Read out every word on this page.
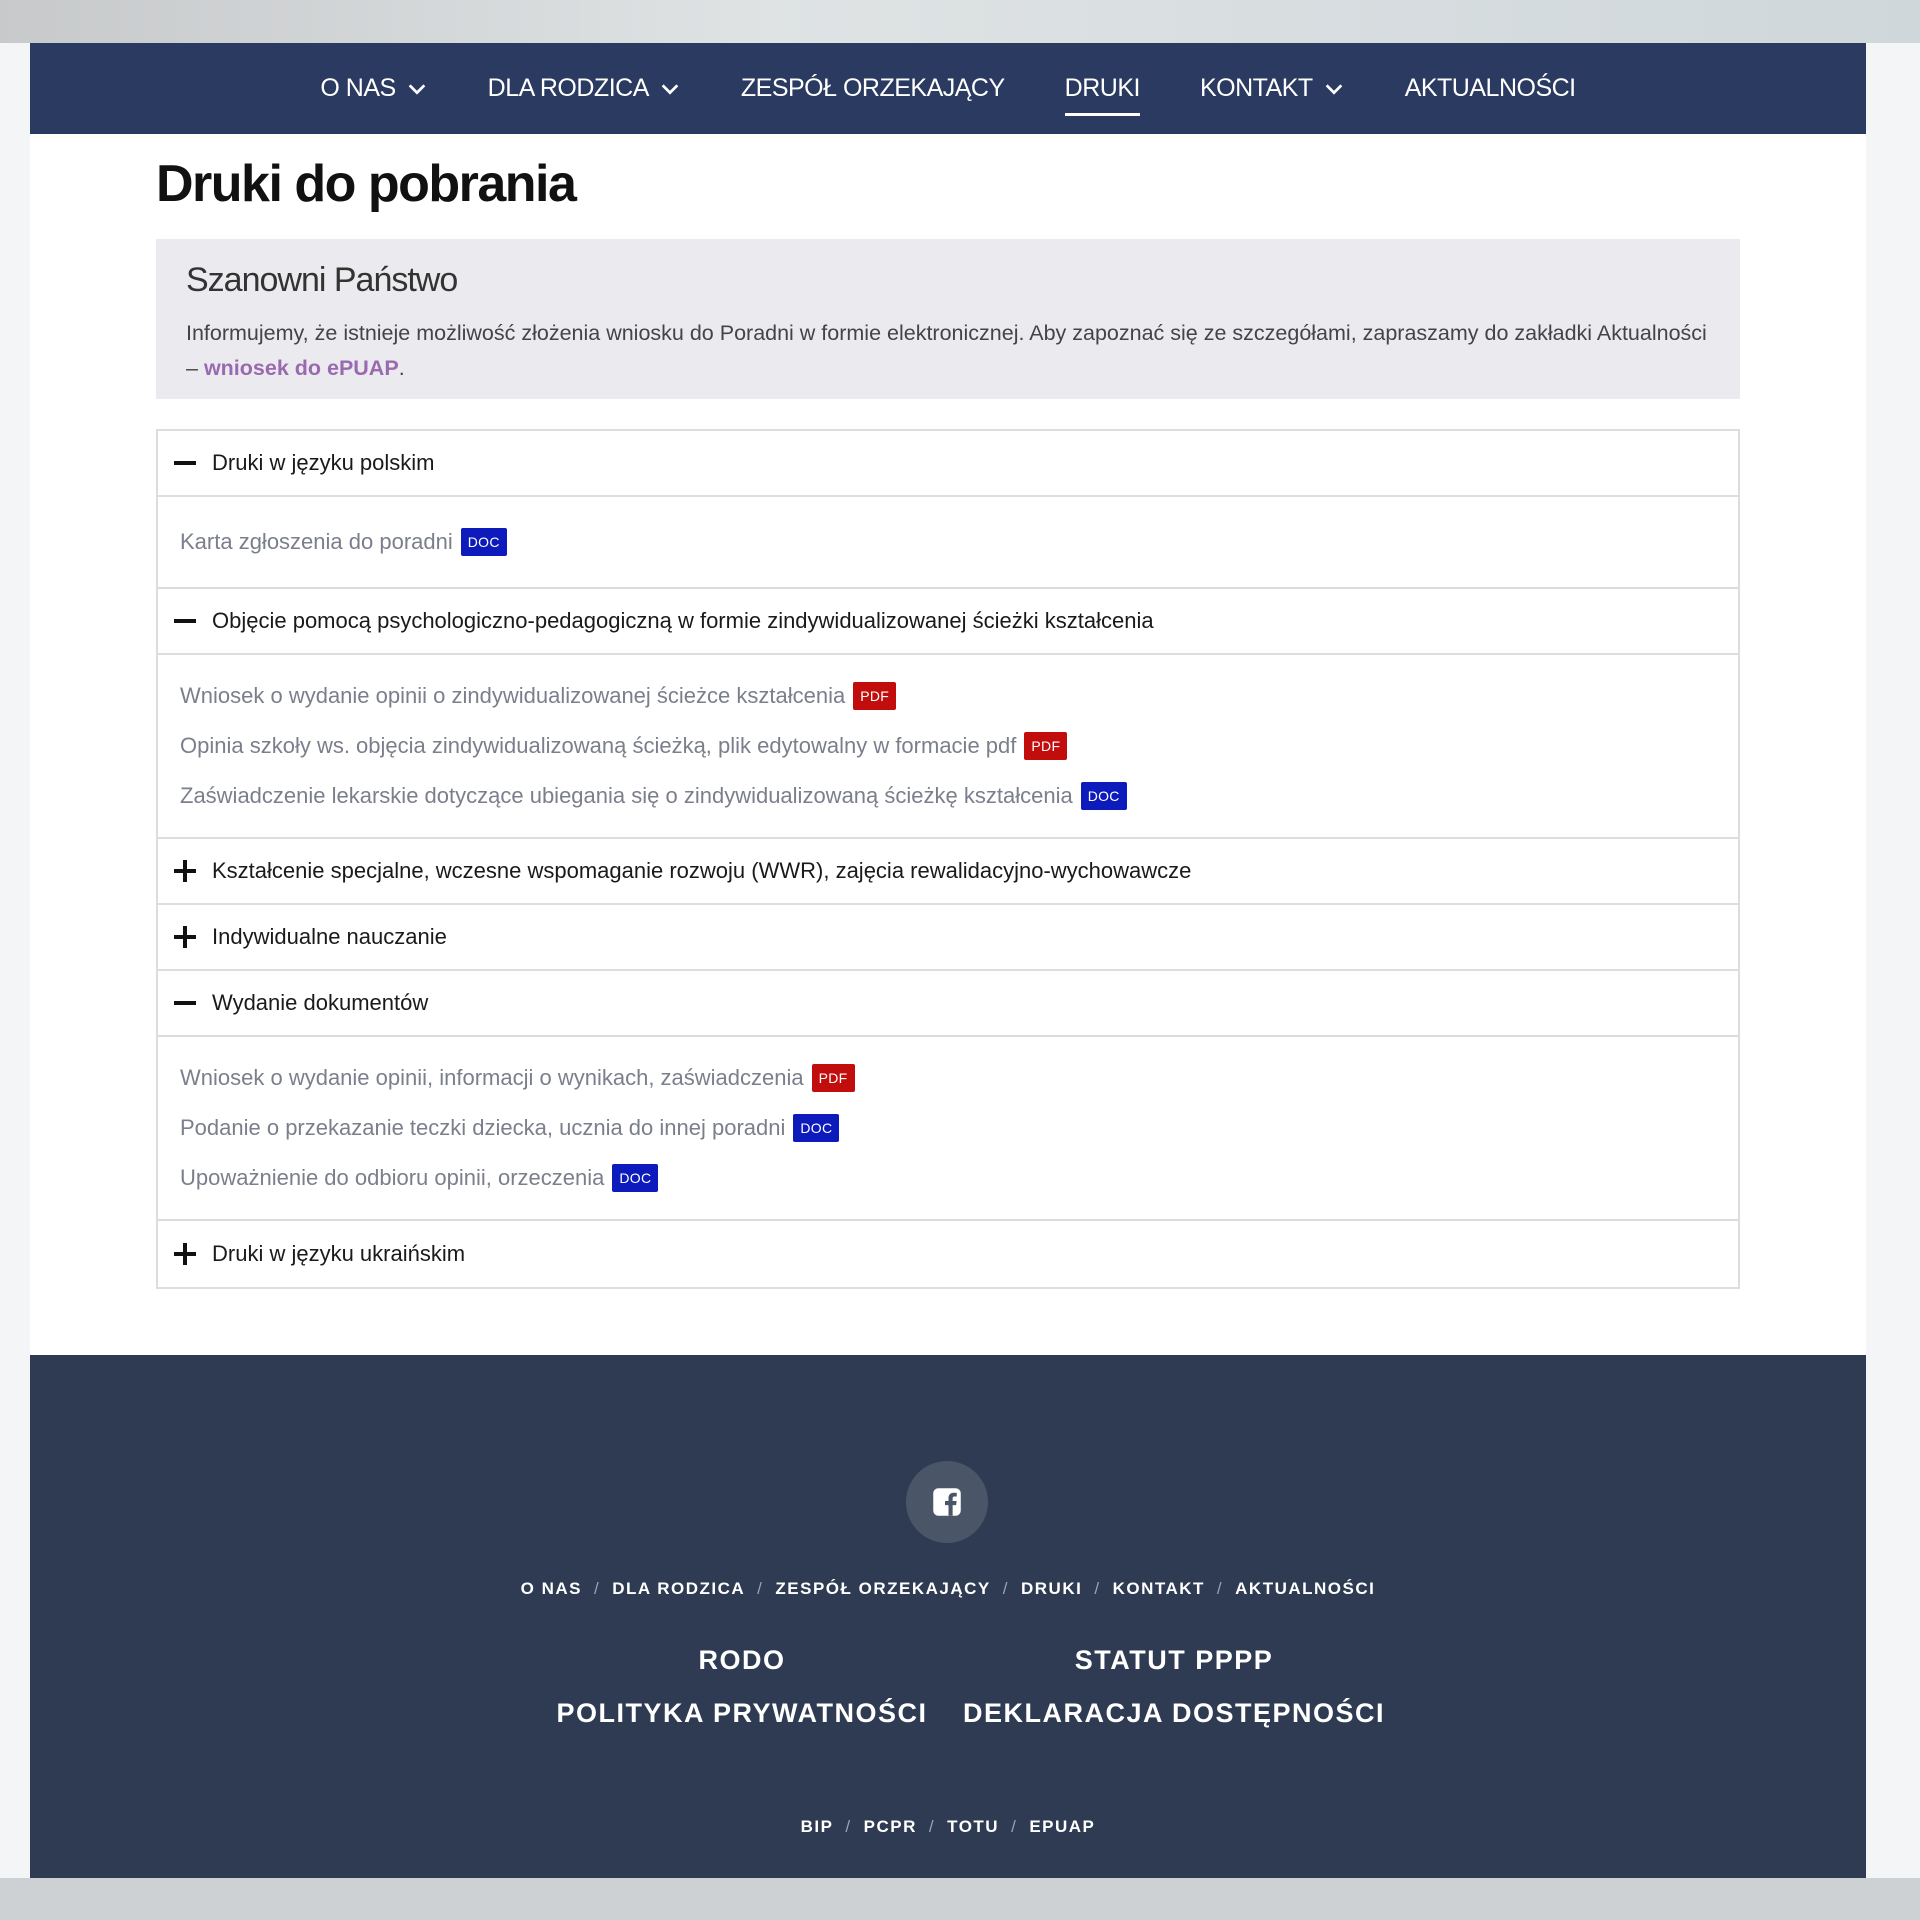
O NAS	DLA RODZICA	ZESPÓŁ ORZEKAJĄCY DRUKI KONTAKT	AKTUALNOŚCI
Druki do pobrania
Szanowni Państwo

Informujemy, że istnieje możliwość złożenia wniosku do Poradni w formie elektronicznej. Aby zapoznać się ze szczegółami, zapraszamy do zakładki Aktualności – wniosek do ePUAP.

Druki w języku polskim
Karta zgłoszenia do poradni	DOC
Objęcie pomocą psychologiczno-pedagogiczną w formie zindywidualizowanej ścieżki kształcenia
Wniosek o wydanie opinii o zindywidualizowanej ścieżce kształcenia	PDF
Opinia szkoły ws. objęcia zindywidualizowaną ścieżką, plik edytowalny w formacie pdf	PDF
Zaświadczenie lekarskie dotyczące ubiegania się o zindywidualizowaną ścieżkę kształcenia	DOC
Kształcenie specjalne, wczesne wspomaganie rozwoju (WWR), zajęcia rewalidacyjno-wychowawcze
Indywidualne nauczanie
Wydanie dokumentów
Wniosek o wydanie opinii, informacji o wynikach, zaświadczenia	PDF
Podanie o przekazanie teczki dziecka, ucznia do innej poradni	DOC
Upoważnienie do odbioru opinii, orzeczenia	DOC
Druki w języku ukraińskim
O NAS / DLA RODZICA / ZESPÓŁ ORZEKAJĄCY / DRUKI / KONTAKT / AKTUALNOŚCI
RODO	STATUT PPPP
POLITYKA PRYWATNOŚCI	DEKLARACJA DOSTĘPNOŚCI
BIP / PCPR / TOTU / EPUAP
